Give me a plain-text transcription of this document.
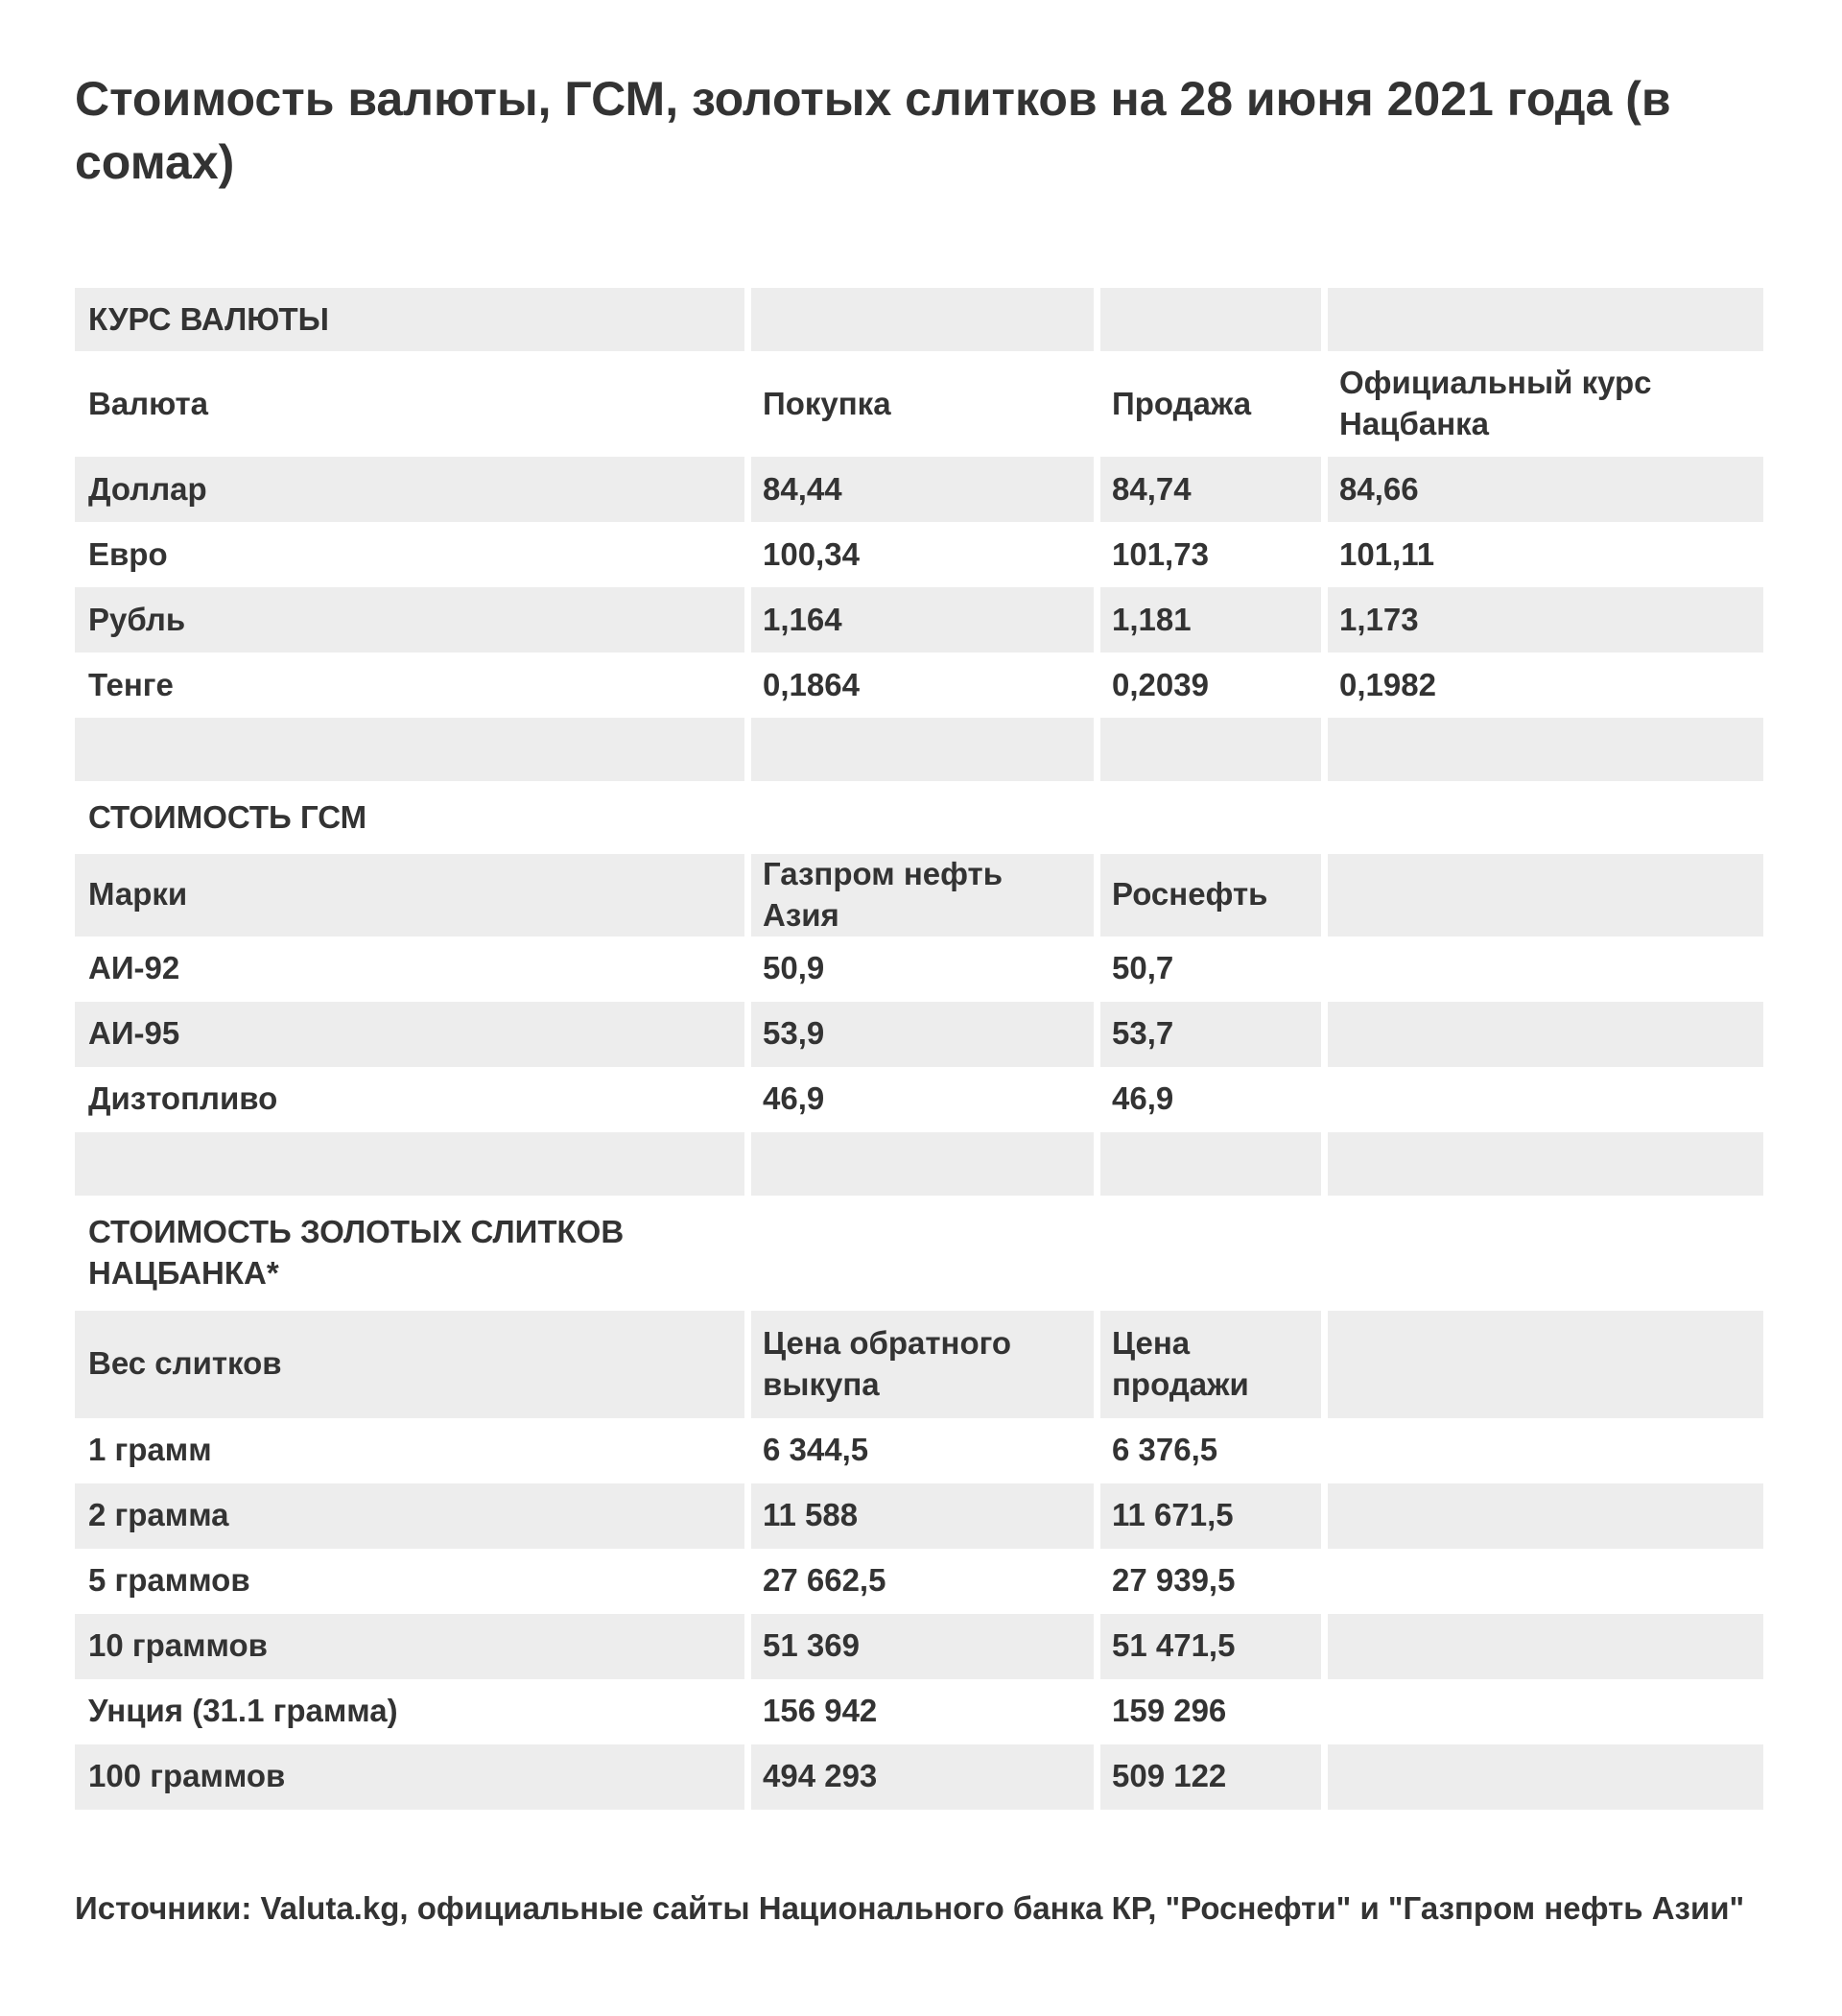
Стоимость валюты, ГСМ, золотых слитков на 28 июня 2021 года (в сомах)
КУРС ВАЛЮТЫ			
Валюта	Покупка	Продажа	Официальный курс Нацбанка
Доллар	84,44	84,74	84,66
Евро	100,34	101,73	101,11
Рубль	1,164	1,181	1,173
Тенге	0,1864	0,2039	0,1982

СТОИМОСТЬ ГСМ			
Марки	Газпром нефть Азия	Роснефть	
АИ-92	50,9	50,7	
АИ-95	53,9	53,7	
Дизтопливо	46,9	46,9	

СТОИМОСТЬ ЗОЛОТЫХ СЛИТКОВ НАЦБАНКА*			
Вес слитков	Цена обратного выкупа	Цена продажи	
1 грамм	6 344,5	6 376,5	
2 грамма	11 588	11 671,5	
5 граммов	27 662,5	27 939,5	
10 граммов	51 369	51 471,5	
Унция (31.1 грамма)	156 942	159 296	
100 граммов	494 293	509 122	

Источники: Valuta.kg, официальные сайты Национального банка КР, "Роснефти" и "Газпром нефть Азии"
